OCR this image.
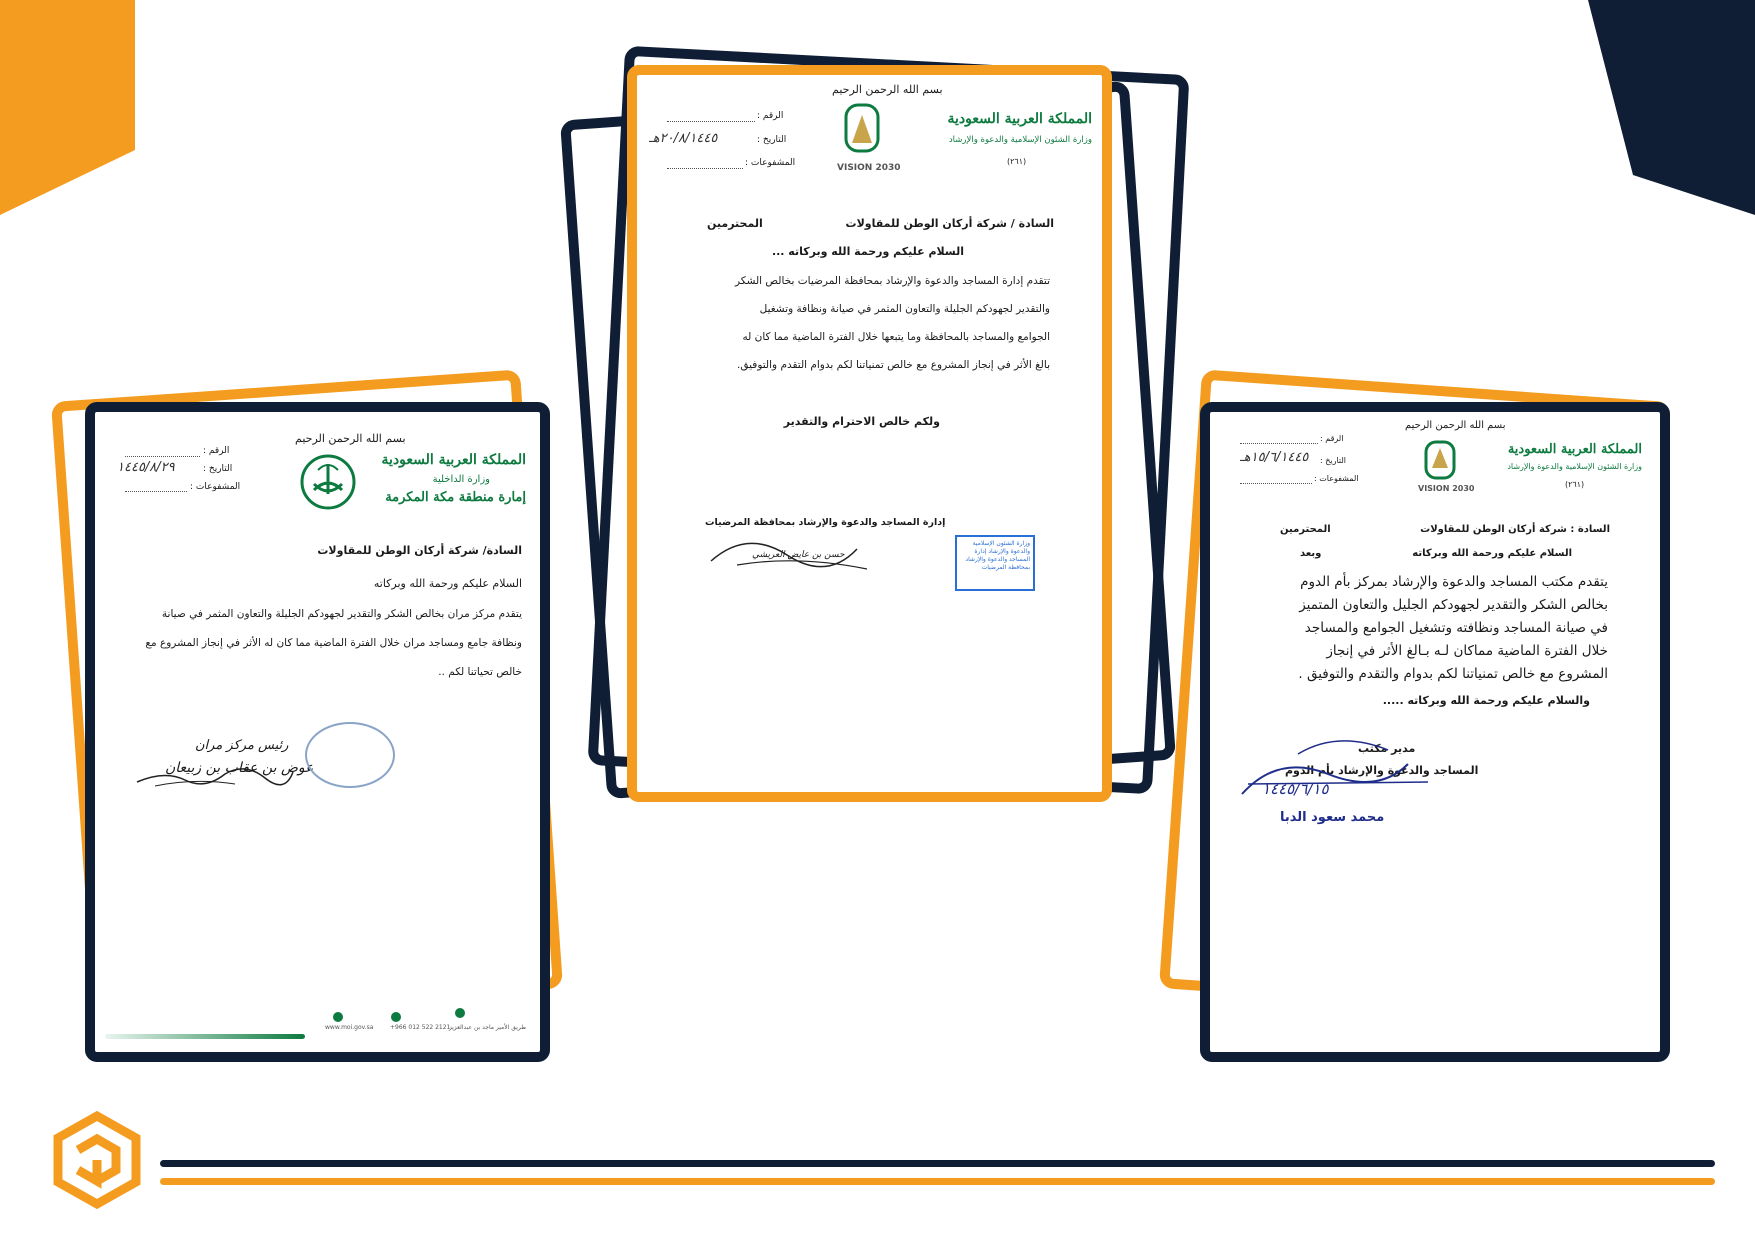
بسم الله الرحمن الرحيم
المملكة العربية السعودية
وزارة الداخلية
إمارة منطقة مكة المكرمة
الرقم :
التاريخ :
١٤٤٥/٨/٢٩
المشفوعات :
السادة/ شركة أركان الوطن للمقاولات
السلام عليكم ورحمة الله وبركاته
يتقدم مركز مران بخالص الشكر والتقدير لجهودكم الجليلة والتعاون المثمر في صيانة
ونظافة جامع ومساجد مران خلال الفترة الماضية مما كان له الأثر في إنجاز المشروع مع
خالص تحياتنا لكم ..
رئيس مركز مران
عوض بن عقاب بن زبيعان
طريق الأمير ماجد بن عبدالعزيز
+966 012 522 2121
www.moi.gov.sa
بسم الله الرحمن الرحيم
المملكة العربية السعودية
وزارة الشئون الإسلامية والدعوة والإرشاد
(٢٦١)
VISION 2030
الرقم :
التاريخ :
١٥/٦/١٤٤٥هـ
المشفوعات :
السادة : شركة أركان الوطن للمقاولات
المحترمين
السلام عليكم ورحمة الله وبركاته
وبعد
يتقدم مكتب المساجد والدعوة والإرشاد بمركز بأم الدوم
بخالص الشكر والتقدير لجهودكم الجليل والتعاون المتميز
في صيانة المساجد ونظافته وتشغيل الجوامع والمساجد
خلال الفترة الماضية مماكان لـه بـالغ الأثر في إنجاز
المشروع مع خالص تمنياتنا لكم بدوام والتقدم والتوفيق .
والسلام عليكم ورحمة الله وبركاته .....
مدير مكتب
المساجد والدعوة والإرشاد بأم الدوم
١٤٤٥/٦/١٥
محمد سعود الدبا
بسم الله الرحمن الرحيم
المملكة العربية السعودية
وزارة الشئون الإسلامية والدعوة والإرشاد
(٢٦١)
VISION 2030
الرقم :
التاريخ :
٢٠/٨/١٤٤٥هـ
المشفوعات :
السادة / شركة أركان الوطن للمقاولات
المحترمين
السلام عليكم ورحمة الله وبركاته ...
تتقدم إدارة المساجد والدعوة والإرشاد بمحافظة المرضيات بخالص الشكر
والتقدير لجهودكم الجليلة والتعاون المثمر في صيانة ونظافة وتشغيل
الجوامع والمساجد بالمحافظة وما يتبعها خلال الفترة الماضية مما كان له
بالغ الأثر في إنجاز المشروع مع خالص تمنياتنا لكم بدوام التقدم والتوفيق.
ولكم خالص الاحترام والتقدير
إدارة المساجد والدعوة والإرشاد بمحافظة المرضيات
حسن بن عايض العريشي
وزارة الشئون الإسلامية والدعوة والإرشاد إدارة المساجد والدعوة والإرشاد بمحافظة المرضيات
